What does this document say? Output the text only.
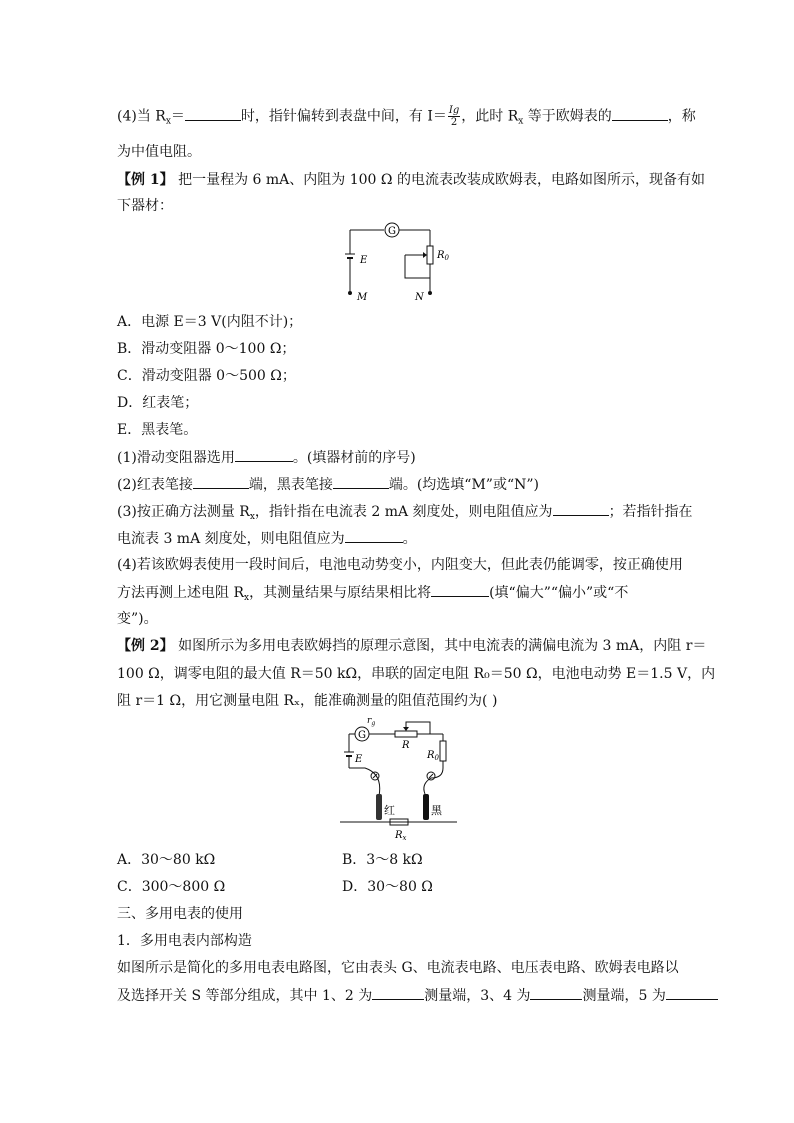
(4)当 $R_x=$	时，指针偏转到表盘中间，有 $I= \frac{Ig}{2}$ ，此时 $R_x$ 等于欧姆表的	，称
为中值电阻。
【例 1】 把一量程为 6 mA、内阻为 100 Ω 的电流表改装成欧姆表，电路如图所示，现备有如
下器材：
G
E	$R_0$
M	N
A．电源 E＝3 V(内阻不计)；
B．滑动变阻器 0～100 Ω；
C．滑动变阻器 0～500 Ω；
D．红表笔；
E．黑表笔。
(1)滑动变阻器选用	。(填器材前的序号)
(2)红表笔接	端，黑表笔接	端。(均选填“M”或“N”)
(3)按正确方法测量 $R_x$，指针指在电流表 2 mA 刻度处，则电阻值应为	；若指针指在
电流表 3 mA 刻度处，则电阻值应为	。
(4)若该欧姆表使用一段时间后，电池电动势变小，内阻变大，但此表仍能调零，按正确使用
方法再测上述电阻 $R_x$，其测量结果与原结果相比将	(填“偏大”“偏小”或“不
变”)。
【例 2】 如图所示为多用电表欧姆挡的原理示意图，其中电流表的满偏电流为 3 mA，内阻 r＝
100 Ω，调零电阻的最大值 R＝50 kΩ，串联的固定电阻 R₀＝50 Ω，电池电动势 E＝1.5 V，内
阻 r＝1 Ω，用它测量电阻 Rₓ，能准确测量的阻值范围约为( )
G
$r_g$
R
$R_0$
E
红	黑
$R_x$
A．30～80 kΩ	B．3～8 kΩ
C．300～800 Ω	D．30～80 Ω
三、多用电表的使用
1．多用电表内部构造
如图所示是简化的多用电表电路图，它由表头 G、电流表电路、电压表电路、欧姆表电路以
及选择开关 S 等部分组成，其中 1、2 为	测量端，3、4 为	测量端，5 为
